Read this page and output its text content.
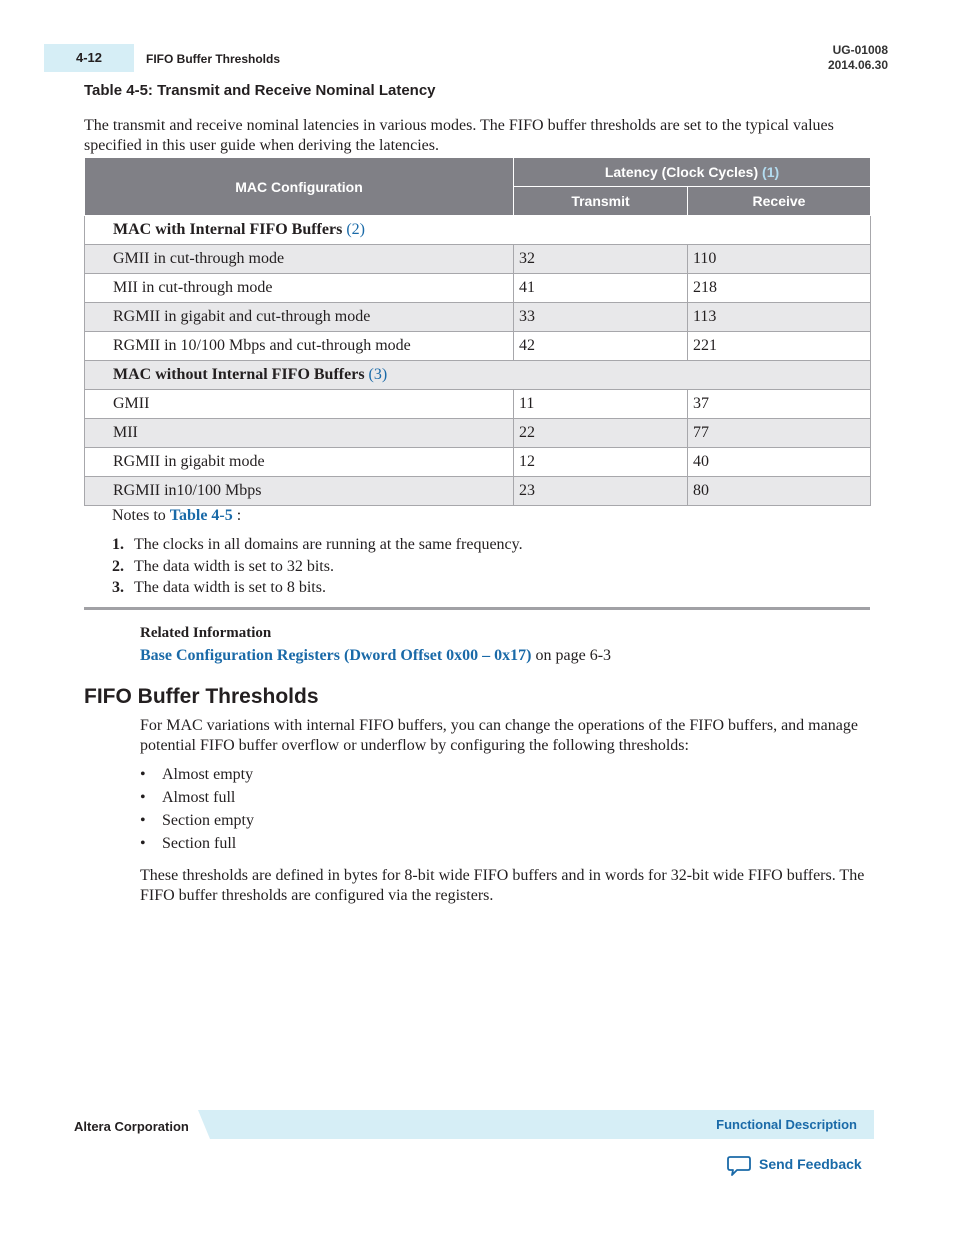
4-12	FIFO Buffer Thresholds
UG-01008
2014.06.30
Table 4-5: Transmit and Receive Nominal Latency
The transmit and receive nominal latencies in various modes. The FIFO buffer thresholds are set to the typical values specified in this user guide when deriving the latencies.
MAC Configuration	Latency (Clock Cycles) (1)	
	Transmit	Receive
MAC with Internal FIFO Buffers (2)		
GMII in cut-through mode	32	110
MII in cut-through mode	41	218
RGMII in gigabit and cut-through mode	33	113
RGMII in 10/100 Mbps and cut-through mode	42	221
MAC without Internal FIFO Buffers (3)		
GMII	11	37
MII	22	77
RGMII in gigabit mode	12	40
RGMII in10/100 Mbps	23	80
Notes to Table 4-5 :
1. The clocks in all domains are running at the same frequency.
2. The data width is set to 32 bits.
3. The data width is set to 8 bits.
Related Information
Base Configuration Registers (Dword Offset 0x00 – 0x17) on page 6-3
FIFO Buffer Thresholds
For MAC variations with internal FIFO buffers, you can change the operations of the FIFO buffers, and manage potential FIFO buffer overflow or underflow by configuring the following thresholds:
• Almost empty
• Almost full
• Section empty
• Section full
These thresholds are defined in bytes for 8-bit wide FIFO buffers and in words for 32-bit wide FIFO buffers. The FIFO buffer thresholds are configured via the registers.
Altera Corporation	Functional Description
Send Feedback
